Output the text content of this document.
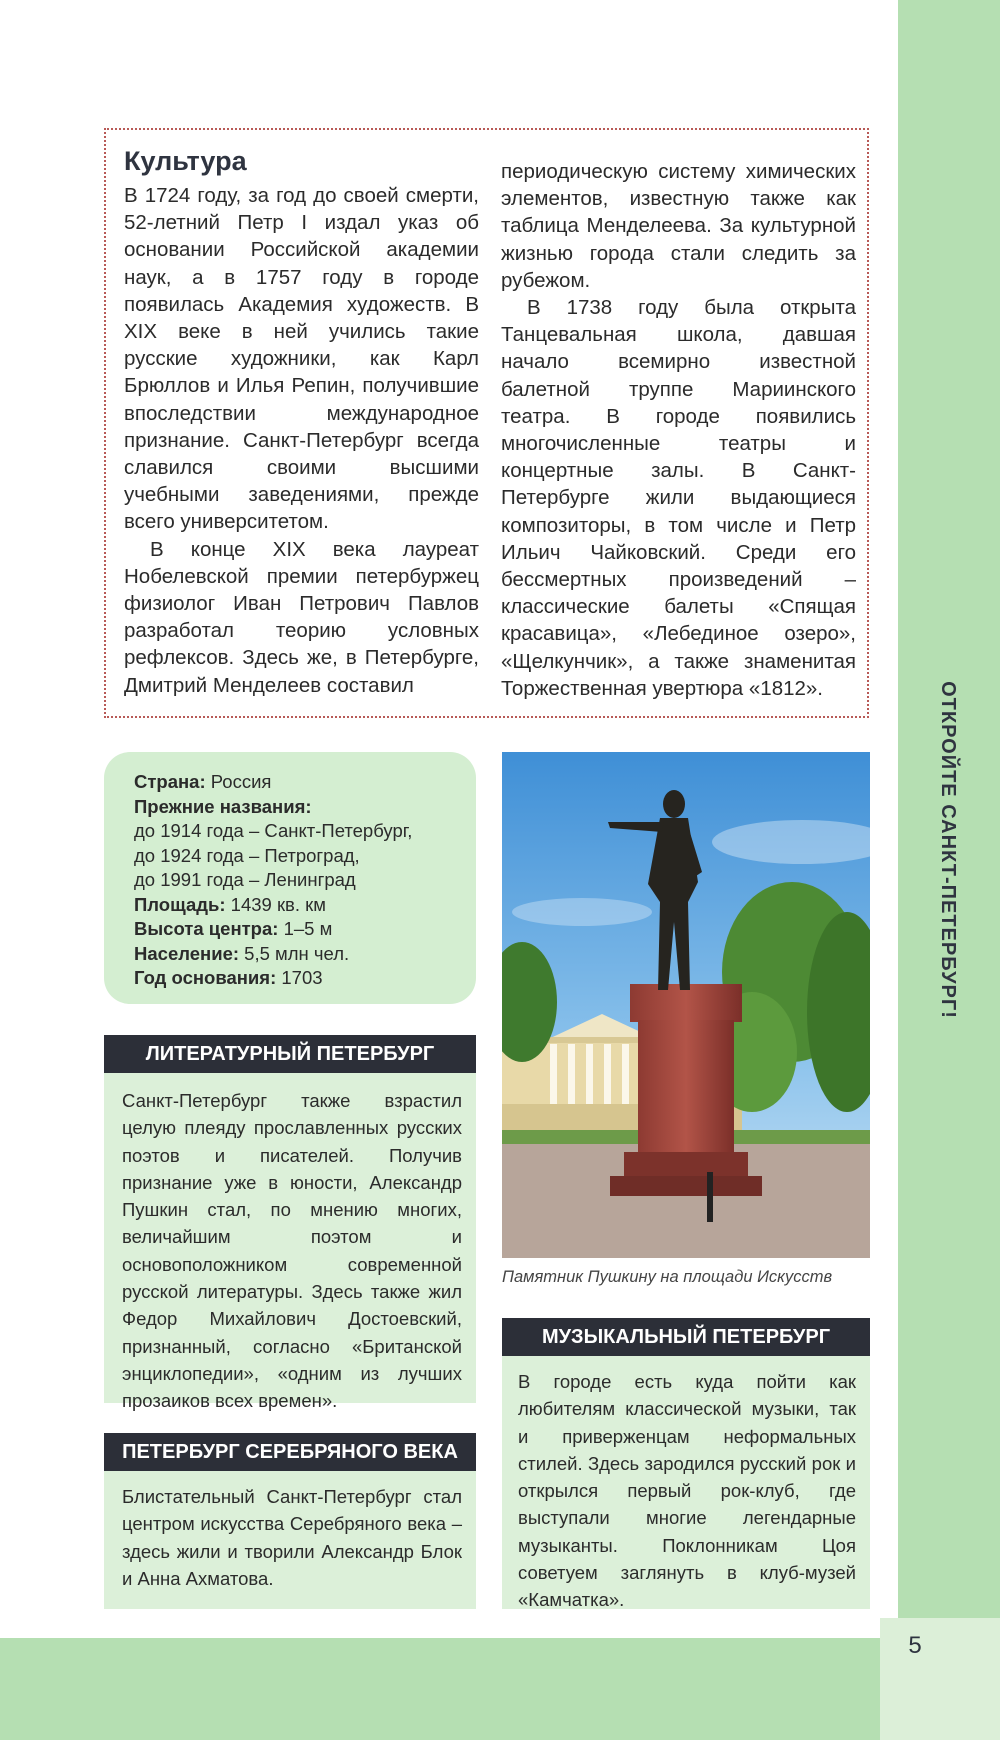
ОТКРОЙТЕ САНКТ-ПЕТЕРБУРГ!
5
Культура

В 1724 году, за год до своей смерти, 52-летний Петр I издал указ об основании Российской академии наук, а в 1757 году в городе появилась Академия художеств. В XIX веке в ней учились такие русские художники, как Карл Брюллов и Илья Репин, получившие впоследствии международное признание. Санкт-Петербург всегда славился своими высшими учебными заведениями, прежде всего университетом.

В конце XIX века лауреат Нобелевской премии петербуржец физиолог Иван Петрович Павлов разработал теорию условных рефлексов. Здесь же, в Петербурге, Дмитрий Менделеев составил

периодическую систему химических элементов, известную также как таблица Менделеева. За культурной жизнью города стали следить за рубежом.

В 1738 году была открыта Танцевальная школа, давшая начало всемирно известной балетной труппе Мариинского театра. В городе появились многочисленные театры и концертные залы. В Санкт-Петербурге жили выдающиеся композиторы, в том числе и Петр Ильич Чайковский. Среди его бессмертных произведений – классические балеты «Спящая красавица», «Лебединое озеро», «Щелкунчик», а также знаменитая Торжественная увертюра «1812».

Страна: Россия
Прежние названия:
до 1914 года – Санкт-Петербург,
до 1924 года – Петроград,
до 1991 года – Ленинград
Площадь: 1439 кв. км
Высота центра: 1–5 м
Население: 5,5 млн чел.
Год основания: 1703
ЛИТЕРАТУРНЫЙ ПЕТЕРБУРГ
Санкт-Петербург также взрастил целую плеяду прославленных русских поэтов и писателей. Получив признание уже в юности, Александр Пушкин стал, по мнению многих, величайшим поэтом и основоположником современной русской литературы. Здесь также жил Федор Михайлович Достоевский, признанный, согласно «Британской энциклопедии», «одним из лучших прозаиков всех времен».
ПЕТЕРБУРГ СЕРЕБРЯНОГО ВЕКА
Блистательный Санкт-Петербург стал центром искусства Серебряного века – здесь жили и творили Александр Блок и Анна Ахматова.
Памятник Пушкину на площади Искусств
МУЗЫКАЛЬНЫЙ ПЕТЕРБУРГ
В городе есть куда пойти как любителям классической музыки, так и приверженцам неформальных стилей. Здесь зародился русский рок и открылся первый рок-клуб, где выступали многие легендарные музыканты. Поклонникам Цоя советуем заглянуть в клуб-музей «Камчатка».
